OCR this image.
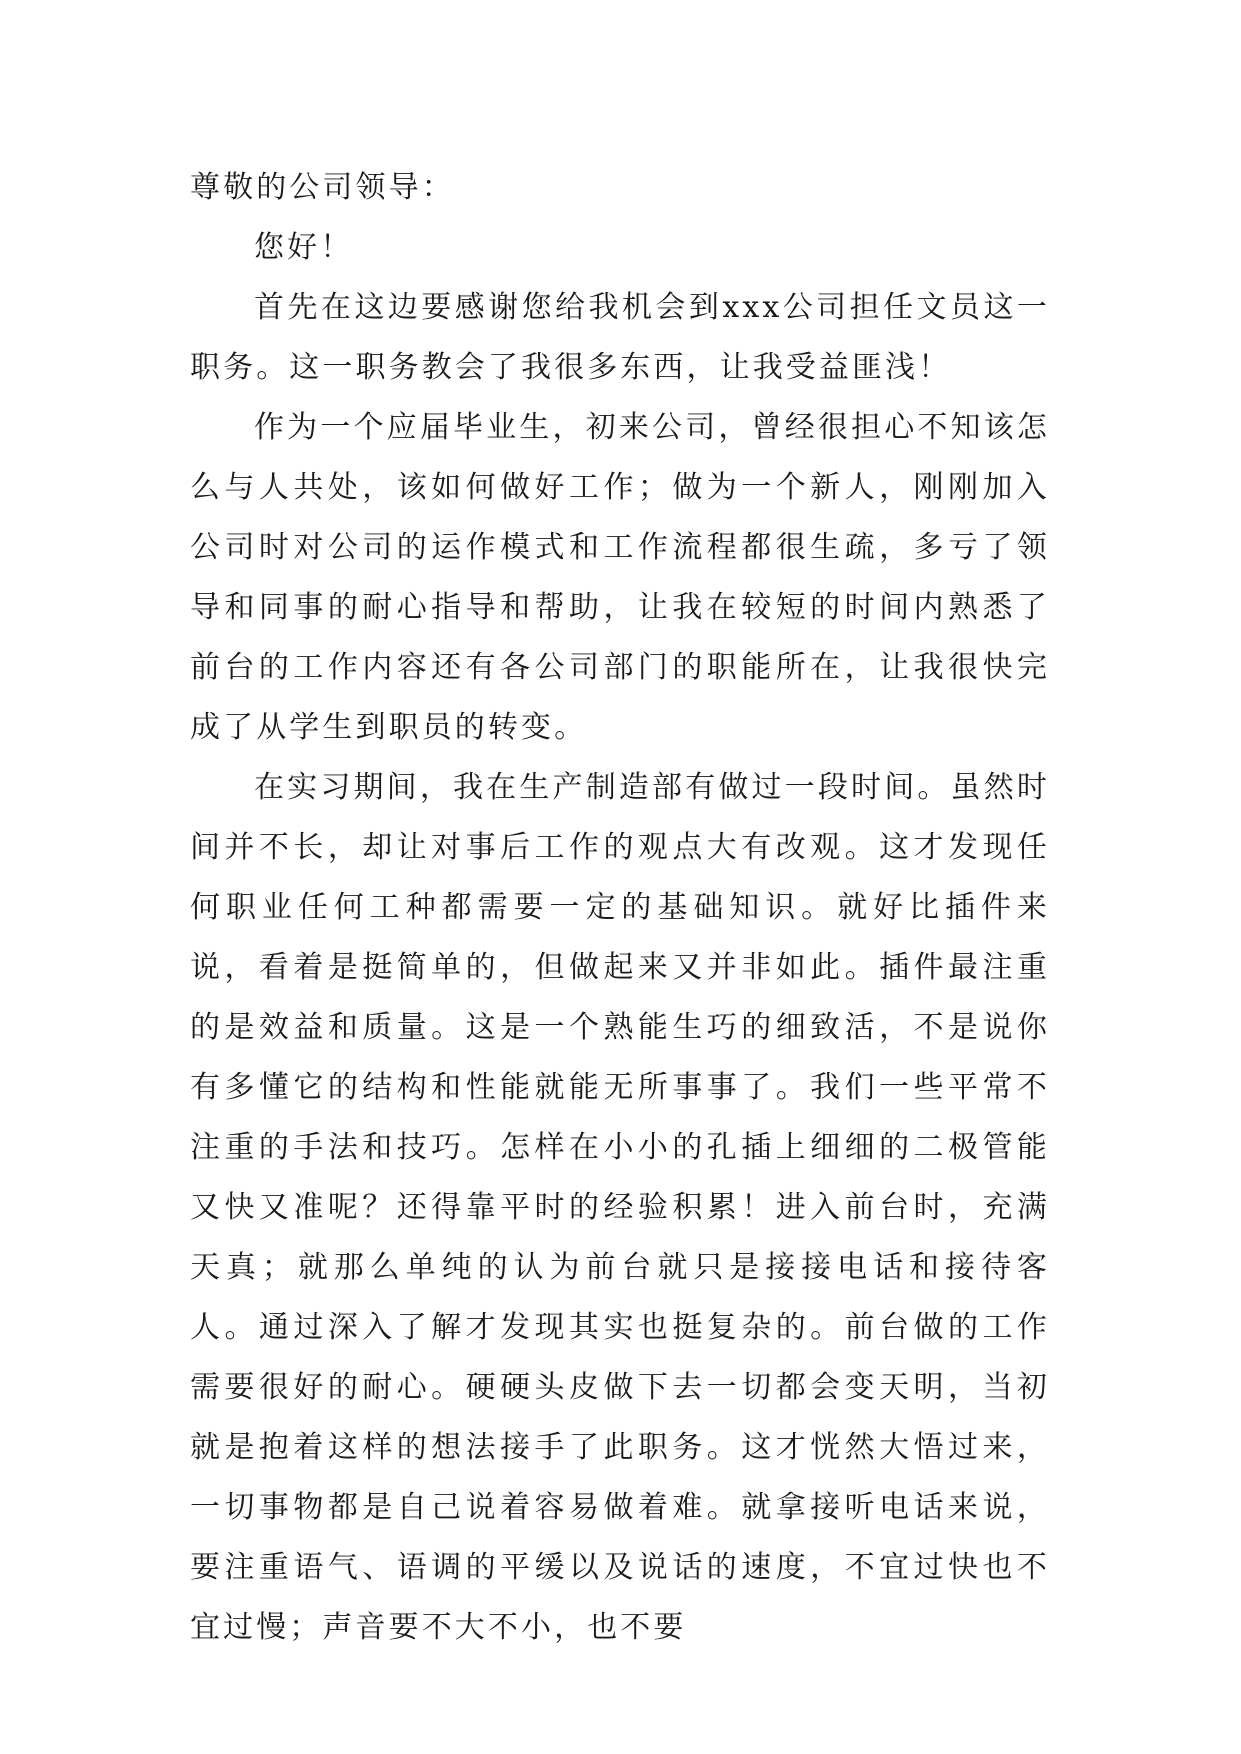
尊敬的公司领导：

您好！

首先在这边要感谢您给我机会到xxx公司担任文员这一职务。这一职务教会了我很多东西，让我受益匪浅！

作为一个应届毕业生，初来公司，曾经很担心不知该怎么与人共处，该如何做好工作；做为一个新人，刚刚加入公司时对公司的运作模式和工作流程都很生疏，多亏了领导和同事的耐心指导和帮助，让我在较短的时间内熟悉了前台的工作内容还有各公司部门的职能所在，让我很快完成了从学生到职员的转变。

在实习期间，我在生产制造部有做过一段时间。虽然时间并不长，却让对事后工作的观点大有改观。这才发现任何职业任何工种都需要一定的基础知识。就好比插件来说，看着是挺简单的，但做起来又并非如此。插件最注重的是效益和质量。这是一个熟能生巧的细致活，不是说你有多懂它的结构和性能就能无所事事了。我们一些平常不注重的手法和技巧。怎样在小小的孔插上细细的二极管能又快又准呢？还得靠平时的经验积累！进入前台时，充满天真；就那么单纯的认为前台就只是接接电话和接待客人。通过深入了解才发现其实也挺复杂的。前台做的工作需要很好的耐心。硬硬头皮做下去一切都会变天明，当初就是抱着这样的想法接手了此职务。这才恍然大悟过来，一切事物都是自己说着容易做着难。就拿接听电话来说，要注重语气、语调的平缓以及说话的速度，不宜过快也不宜过慢；声音要不大不小，也不要
